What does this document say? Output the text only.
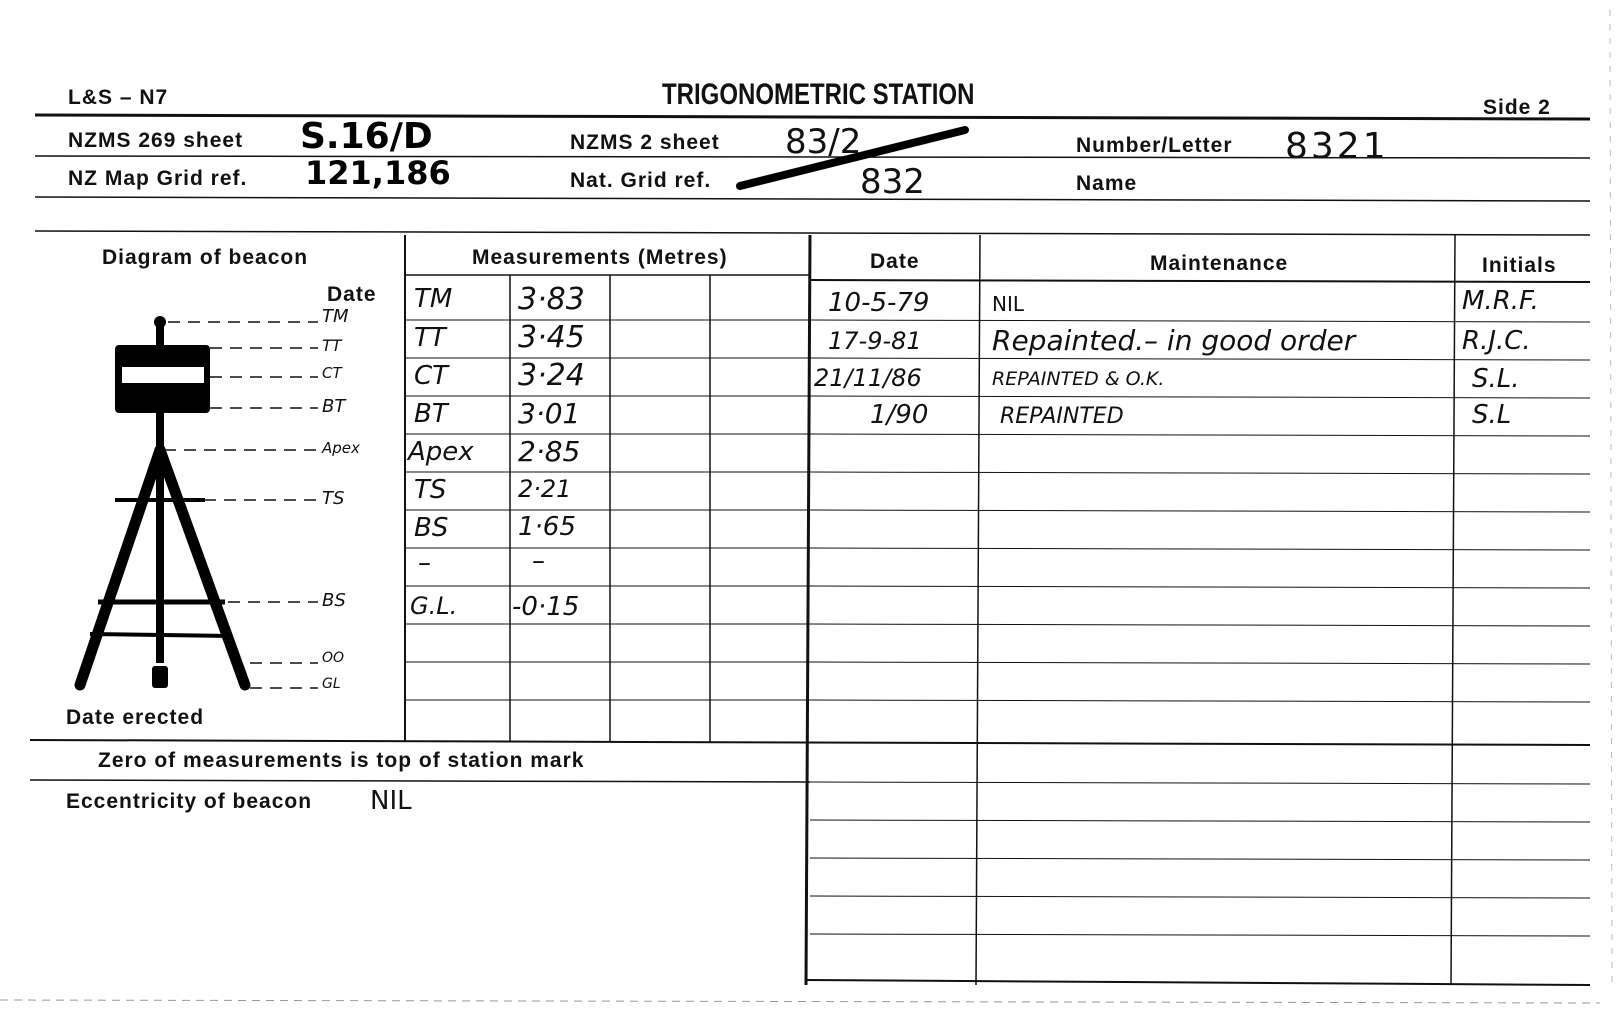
TM
TT
CT
BT
Apex
TS
BS
OO
GL
L&S – N7	TRIGONOMETRIC STATION	Side 2
NZMS 269 sheet S.16/D	NZMS 2 sheet 83/2	Number/Letter 8321
NZ Map Grid ref. 121,186	Nat. Grid ref.	832	Name
Diagram of beacon
Date
Date erected
Measurements (Metres)
TM 3·83
TT 3·45
CT 3·24
BT	3·01
Apex 2·85
TS	2·21
BS	1·65
–	–
G.L. -0·15
Zero of measurements is top of station mark
Eccentricity of beacon NIL
Date	Maintenance	Initials
10-5-79	NIL	M.R.F.
17-9-81	Repainted.– in good order	R.J.C.
21/11/86	REPAINTED & O.K.	S.L.
1/90	REPAINTED	S.L
